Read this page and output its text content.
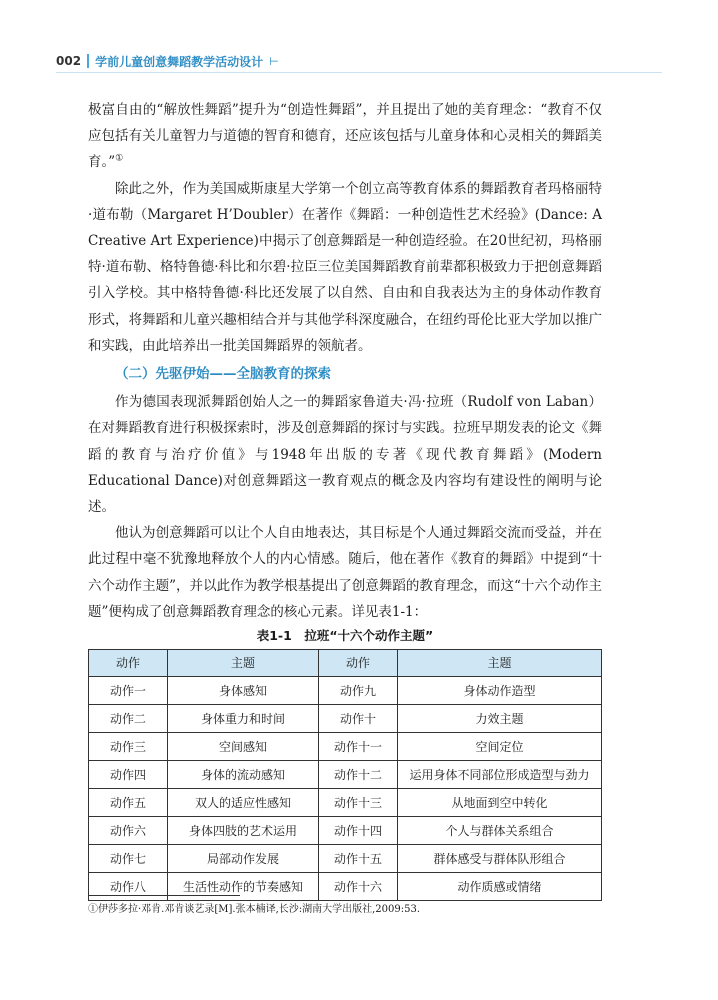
002 学前儿童创意舞蹈教学活动设计 ⊢

极富自由的“解放性舞蹈”提升为“创造性舞蹈”，并且提出了她的美育理念：“教育不仅应包括有关儿童智力与道德的智育和德育，还应该包括与儿童身体和心灵相关的舞蹈美育。”①

除此之外，作为美国威斯康星大学第一个创立高等教育体系的舞蹈教育者玛格丽特·道布勒（Margaret H’Doubler）在著作《舞蹈：一种创造性艺术经验》(Dance: A Creative Art Experience)中揭示了创意舞蹈是一种创造经验。在20世纪初，玛格丽特·道布勒、格特鲁德·科比和尔碧·拉臣三位美国舞蹈教育前辈都积极致力于把创意舞蹈引入学校。其中格特鲁德·科比还发展了以自然、自由和自我表达为主的身体动作教育形式，将舞蹈和儿童兴趣相结合并与其他学科深度融合，在纽约哥伦比亚大学加以推广和实践，由此培养出一批美国舞蹈界的领航者。

（二）先驱伊始——全脑教育的探索

作为德国表现派舞蹈创始人之一的舞蹈家鲁道夫·冯·拉班（Rudolf von Laban）在对舞蹈教育进行积极探索时，涉及创意舞蹈的探讨与实践。拉班早期发表的论文《舞蹈的教育与治疗价值》与1948年出版的专著《现代教育舞蹈》(Modern Educational Dance)对创意舞蹈这一教育观点的概念及内容均有建设性的阐明与论述。

他认为创意舞蹈可以让个人自由地表达，其目标是个人通过舞蹈交流而受益，并在此过程中毫不犹豫地释放个人的内心情感。随后，他在著作《教育的舞蹈》中提到“十六个动作主题”，并以此作为教学根基提出了创意舞蹈的教育理念，而这“十六个动作主题”便构成了创意舞蹈教育理念的核心元素。详见表1-1：

表1-1　拉班“十六个动作主题”
动作	主题	动作	主题
动作一	身体感知	动作九	身体动作造型
动作二	身体重力和时间	动作十	力效主题
动作三	空间感知	动作十一	空间定位
动作四	身体的流动感知	动作十二	运用身体不同部位形成造型与劲力
动作五	双人的适应性感知	动作十三	从地面到空中转化
动作六	身体四肢的艺术运用	动作十四	个人与群体关系组合
动作七	局部动作发展	动作十五	群体感受与群体队形组合
动作八	生活性动作的节奏感知	动作十六	动作质感或情绪
①伊莎多拉·邓肯.邓肯谈艺录[M].张本楠译,长沙:湖南大学出版社,2009:53.
